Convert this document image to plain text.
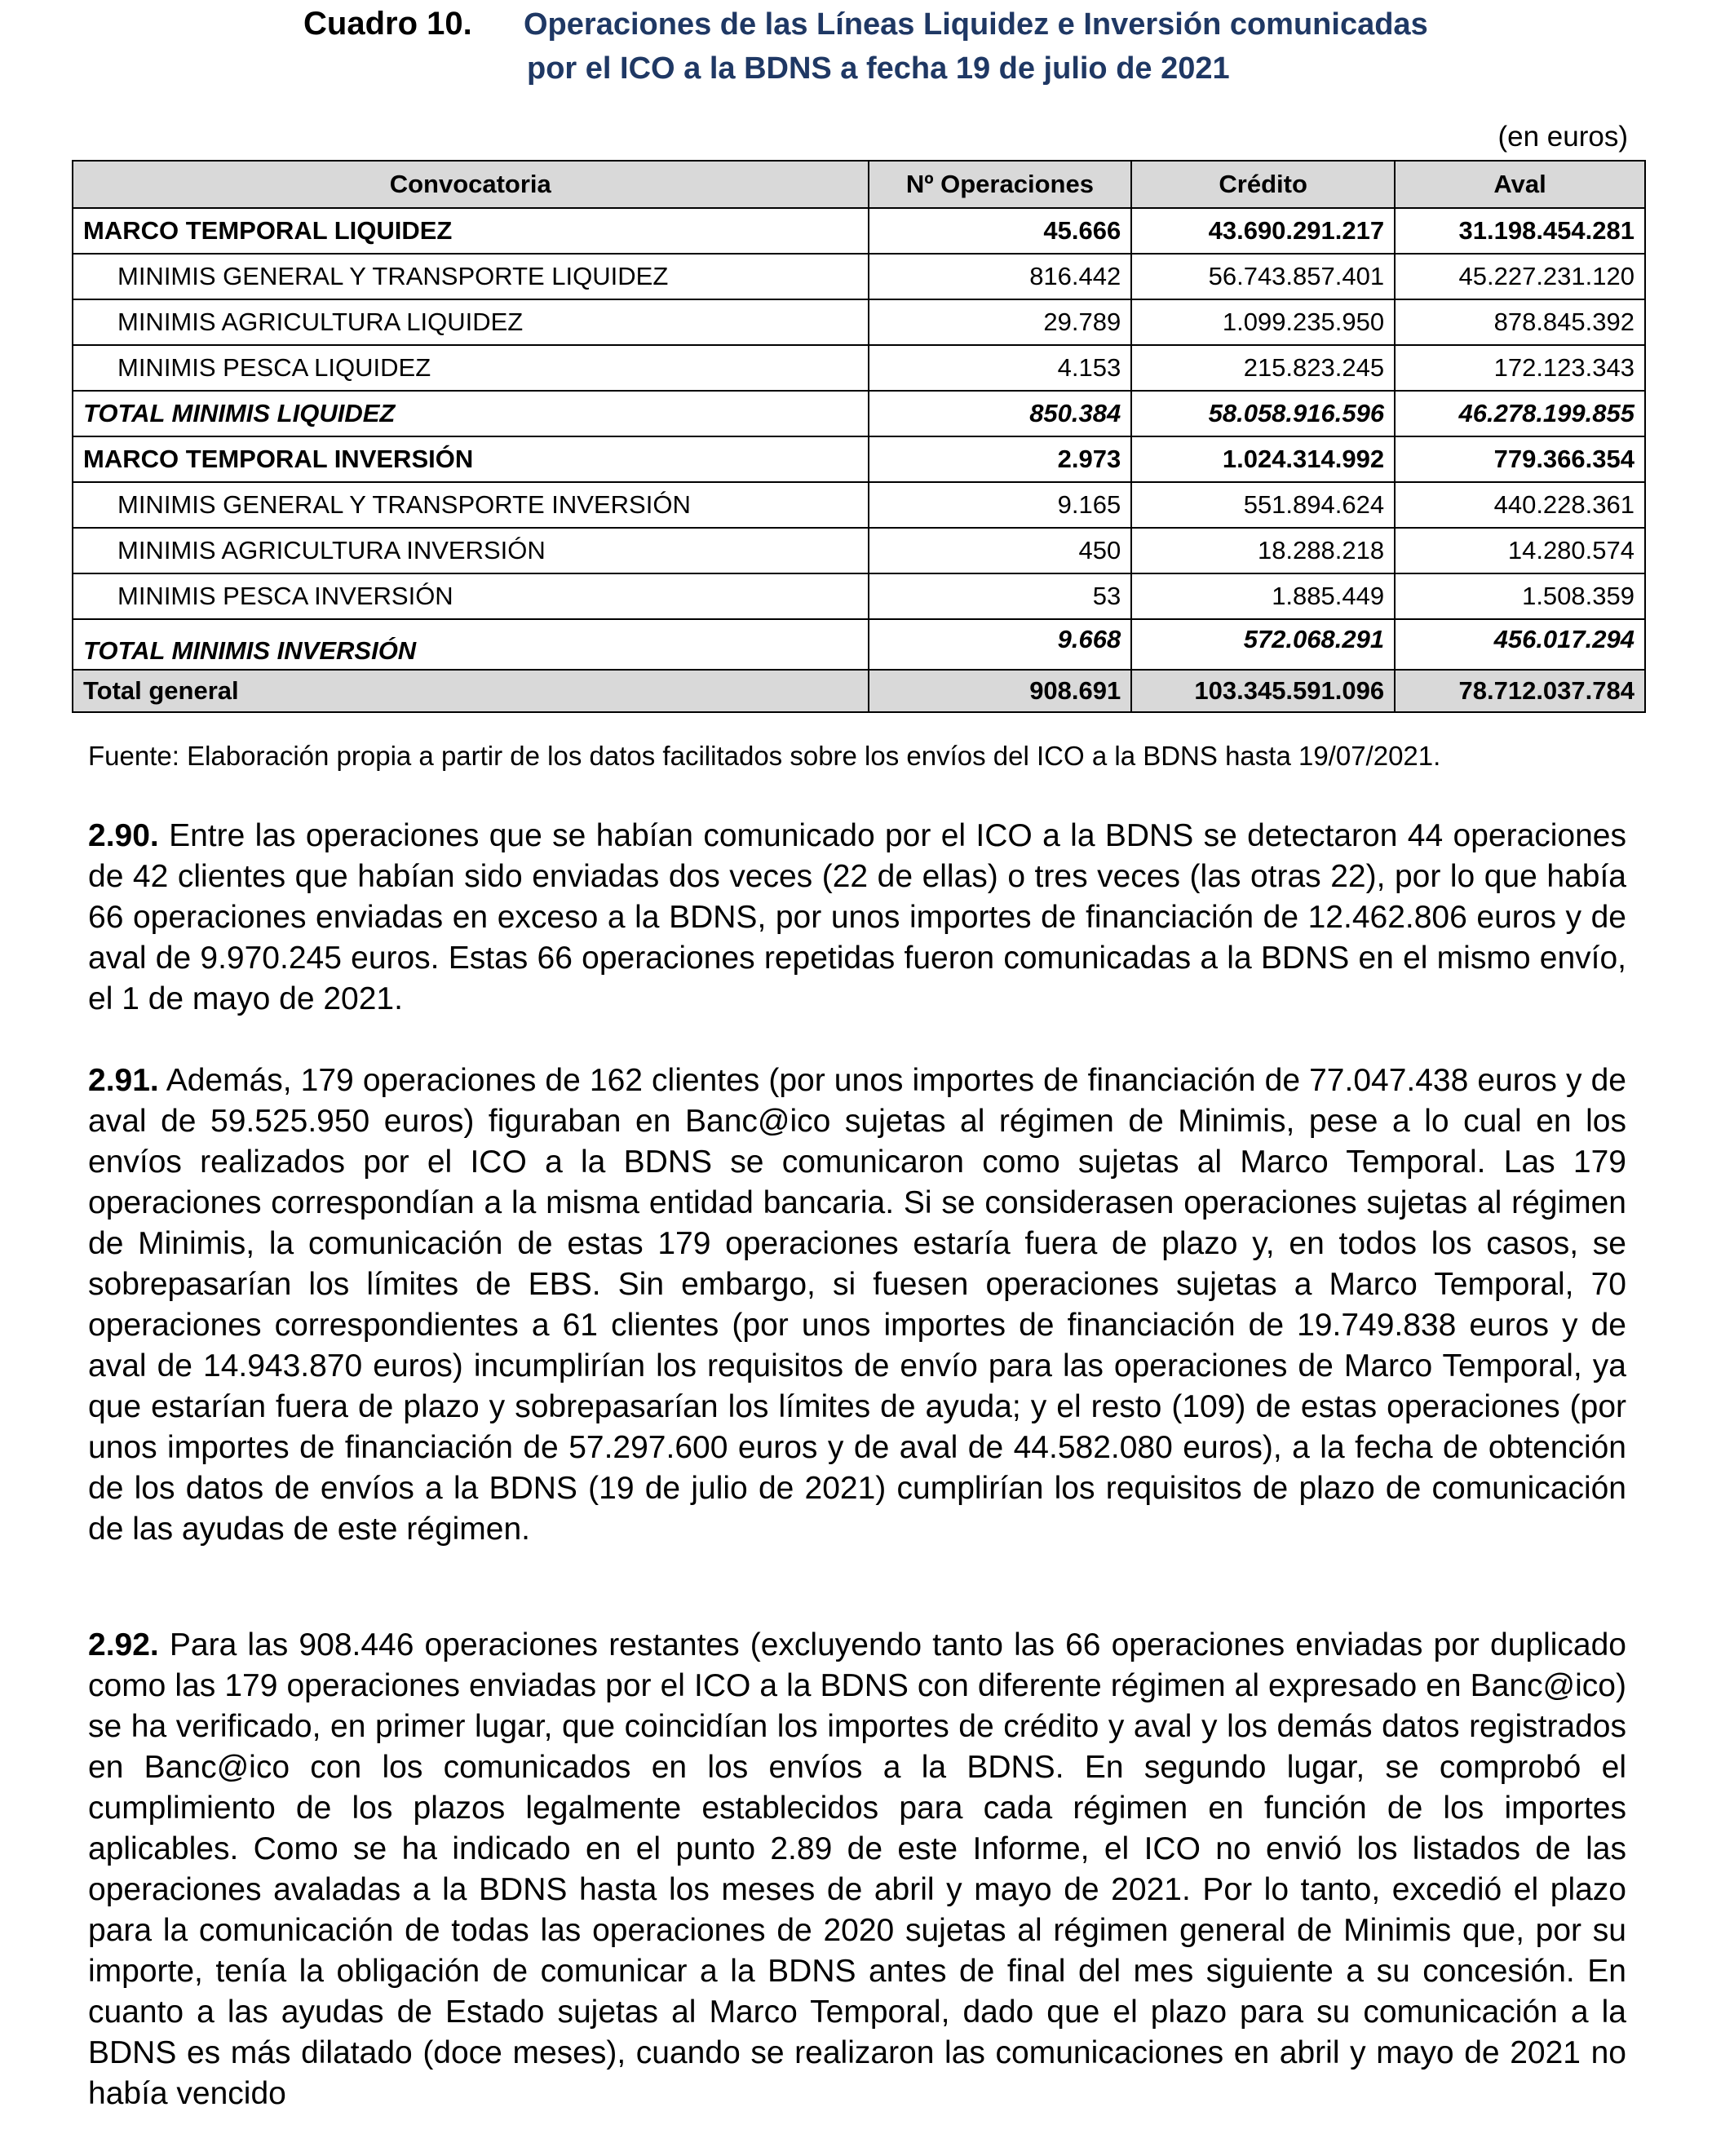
Cuadro 10. Operaciones de las Líneas Liquidez e Inversión comunicadas
por el ICO a la BDNS a fecha 19 de julio de 2021
(en euros)
Convocatoria	Nº Operaciones	Crédito	Aval
MARCO TEMPORAL LIQUIDEZ	45.666	43.690.291.217	31.198.454.281
MINIMIS GENERAL Y TRANSPORTE LIQUIDEZ	816.442	56.743.857.401	45.227.231.120
MINIMIS AGRICULTURA LIQUIDEZ	29.789	1.099.235.950	878.845.392
MINIMIS PESCA LIQUIDEZ	4.153	215.823.245	172.123.343
TOTAL MINIMIS LIQUIDEZ	850.384	58.058.916.596	46.278.199.855
MARCO TEMPORAL INVERSIÓN	2.973	1.024.314.992	779.366.354
MINIMIS GENERAL Y TRANSPORTE INVERSIÓN	9.165	551.894.624	440.228.361
MINIMIS AGRICULTURA INVERSIÓN	450	18.288.218	14.280.574
MINIMIS PESCA INVERSIÓN	53	1.885.449	1.508.359
TOTAL MINIMIS INVERSIÓN	9.668	572.068.291	456.017.294
Total general	908.691	103.345.591.096	78.712.037.784
Fuente: Elaboración propia a partir de los datos facilitados sobre los envíos del ICO a la BDNS hasta 19/07/2021.
2.90. Entre las operaciones que se habían comunicado por el ICO a la BDNS se detectaron 44 operaciones de 42 clientes que habían sido enviadas dos veces (22 de ellas) o tres veces (las otras 22), por lo que había 66 operaciones enviadas en exceso a la BDNS, por unos importes de financiación de 12.462.806 euros y de aval de 9.970.245 euros. Estas 66 operaciones repetidas fueron comunicadas a la BDNS en el mismo envío, el 1 de mayo de 2021.
2.91. Además, 179 operaciones de 162 clientes (por unos importes de financiación de 77.047.438 euros y de aval de 59.525.950 euros) figuraban en Banc@ico sujetas al régimen de Minimis, pese a lo cual en los envíos realizados por el ICO a la BDNS se comunicaron como sujetas al Marco Temporal. Las 179 operaciones correspondían a la misma entidad bancaria. Si se considerasen operaciones sujetas al régimen de Minimis, la comunicación de estas 179 operaciones estaría fuera de plazo y, en todos los casos, se sobrepasarían los límites de EBS. Sin embargo, si fuesen operaciones sujetas a Marco Temporal, 70 operaciones correspondientes a 61 clientes (por unos importes de financiación de 19.749.838 euros y de aval de 14.943.870 euros) incumplirían los requisitos de envío para las operaciones de Marco Temporal, ya que estarían fuera de plazo y sobrepasarían los límites de ayuda; y el resto (109) de estas operaciones (por unos importes de financiación de 57.297.600 euros y de aval de 44.582.080 euros), a la fecha de obtención de los datos de envíos a la BDNS (19 de julio de 2021) cumplirían los requisitos de plazo de comunicación de las ayudas de este régimen.
2.92. Para las 908.446 operaciones restantes (excluyendo tanto las 66 operaciones enviadas por duplicado como las 179 operaciones enviadas por el ICO a la BDNS con diferente régimen al expresado en Banc@ico) se ha verificado, en primer lugar, que coincidían los importes de crédito y aval y los demás datos registrados en Banc@ico con los comunicados en los envíos a la BDNS. En segundo lugar, se comprobó el cumplimiento de los plazos legalmente establecidos para cada régimen en función de los importes aplicables. Como se ha indicado en el punto 2.89 de este Informe, el ICO no envió los listados de las operaciones avaladas a la BDNS hasta los meses de abril y mayo de 2021. Por lo tanto, excedió el plazo para la comunicación de todas las operaciones de 2020 sujetas al régimen general de Minimis que, por su importe, tenía la obligación de comunicar a la BDNS antes de final del mes siguiente a su concesión. En cuanto a las ayudas de Estado sujetas al Marco Temporal, dado que el plazo para su comunicación a la BDNS es más dilatado (doce meses), cuando se realizaron las comunicaciones en abril y mayo de 2021 no había vencido
